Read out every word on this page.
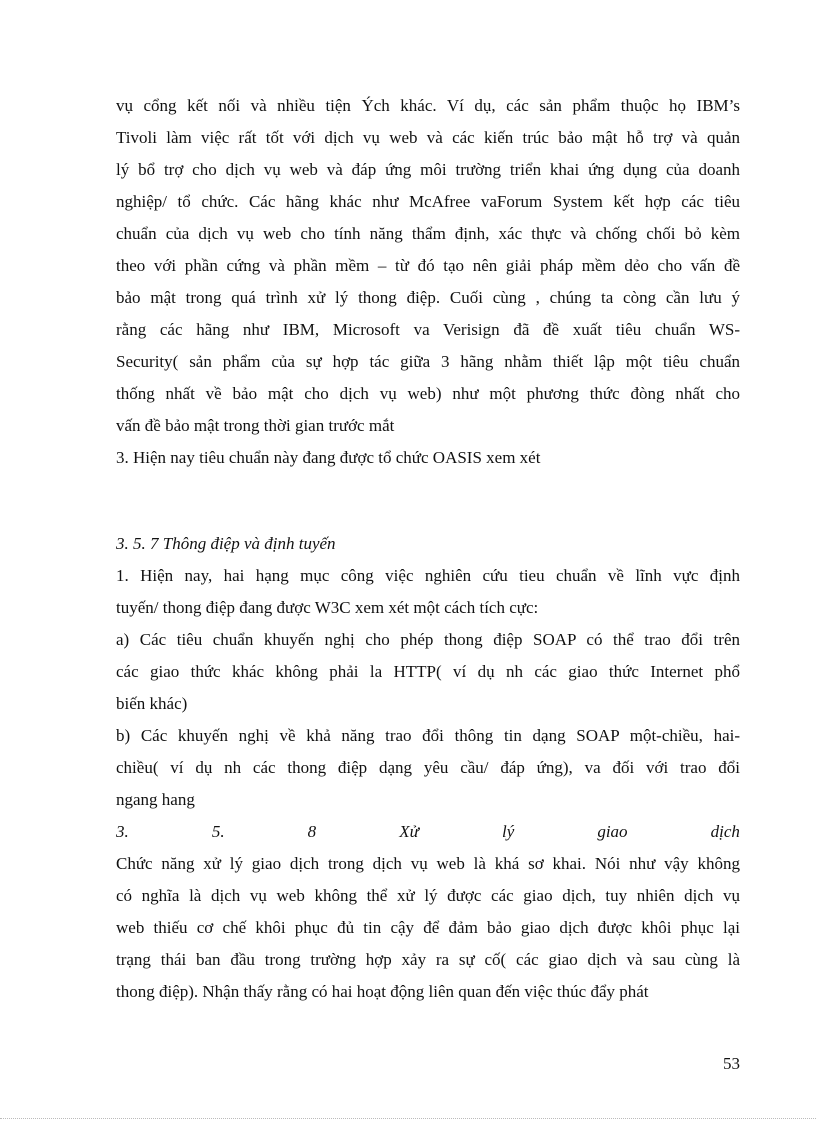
vụ cổng kết nối và nhiều tiện Ých khác. Ví dụ, các sản phẩm thuộc họ IBM’s
Tivoli làm việc rất tốt với dịch vụ web và các kiến trúc bảo mật hỗ trợ và quản
lý bổ trợ cho dịch vụ web và đáp ứng môi trường triển khai ứng dụng của doanh
nghiệp/ tổ chức. Các hãng khác như McAfree vaForum System kết hợp các tiêu
chuẩn của dịch vụ web cho tính năng thẩm định, xác thực và chống chối bỏ kèm
theo với phần cứng và phần mềm – từ đó tạo nên giải pháp mềm dẻo cho vấn đề
bảo mật trong quá trình xử lý thong điệp. Cuối cùng , chúng ta còng cần lưu ý
rằng các hãng như IBM, Microsoft va Verisign đã đề xuất tiêu chuẩn WS-
Security( sản phẩm của sự hợp tác giữa 3 hãng nhằm thiết lập một tiêu chuẩn
thống nhất về bảo mật cho dịch vụ web) như một phương thức đòng nhất cho
vấn đề bảo mật trong thời gian trước mắt
3. Hiện nay tiêu chuẩn này đang được tổ chức OASIS xem xét
3. 5. 7 Thông điệp và định tuyến
1. Hiện nay, hai hạng mục công việc nghiên cứu tieu chuẩn về lĩnh vực định
tuyến/ thong điệp đang được W3C xem xét một cách tích cực:
a) Các tiêu chuẩn khuyến nghị cho phép thong điệp SOAP có thể trao đổi trên
các giao thức khác không phải la HTTP( ví dụ nh các giao thức Internet phổ
biến khác)
b) Các khuyến nghị về khả năng trao đổi thông tin dạng SOAP một-chiều, hai-
chiều( ví dụ nh các thong điệp dạng yêu cầu/ đáp ứng), va đối với trao đổi
ngang hang
3.	5.	8	Xử	lý	giao	dịch
Chức năng xử lý giao dịch trong dịch vụ web là khá sơ khai. Nói như vậy không
có nghĩa là dịch vụ web không thể xử lý được các giao dịch, tuy nhiên dịch vụ
web thiếu cơ chế khôi phục đủ tin cậy để đảm bảo giao dịch được khôi phục lại
trạng thái ban đầu trong trường hợp xảy ra sự cố( các giao dịch và sau cùng là
thong điệp). Nhận thấy rằng có hai hoạt động liên quan đến việc thúc đẩy phát
53
